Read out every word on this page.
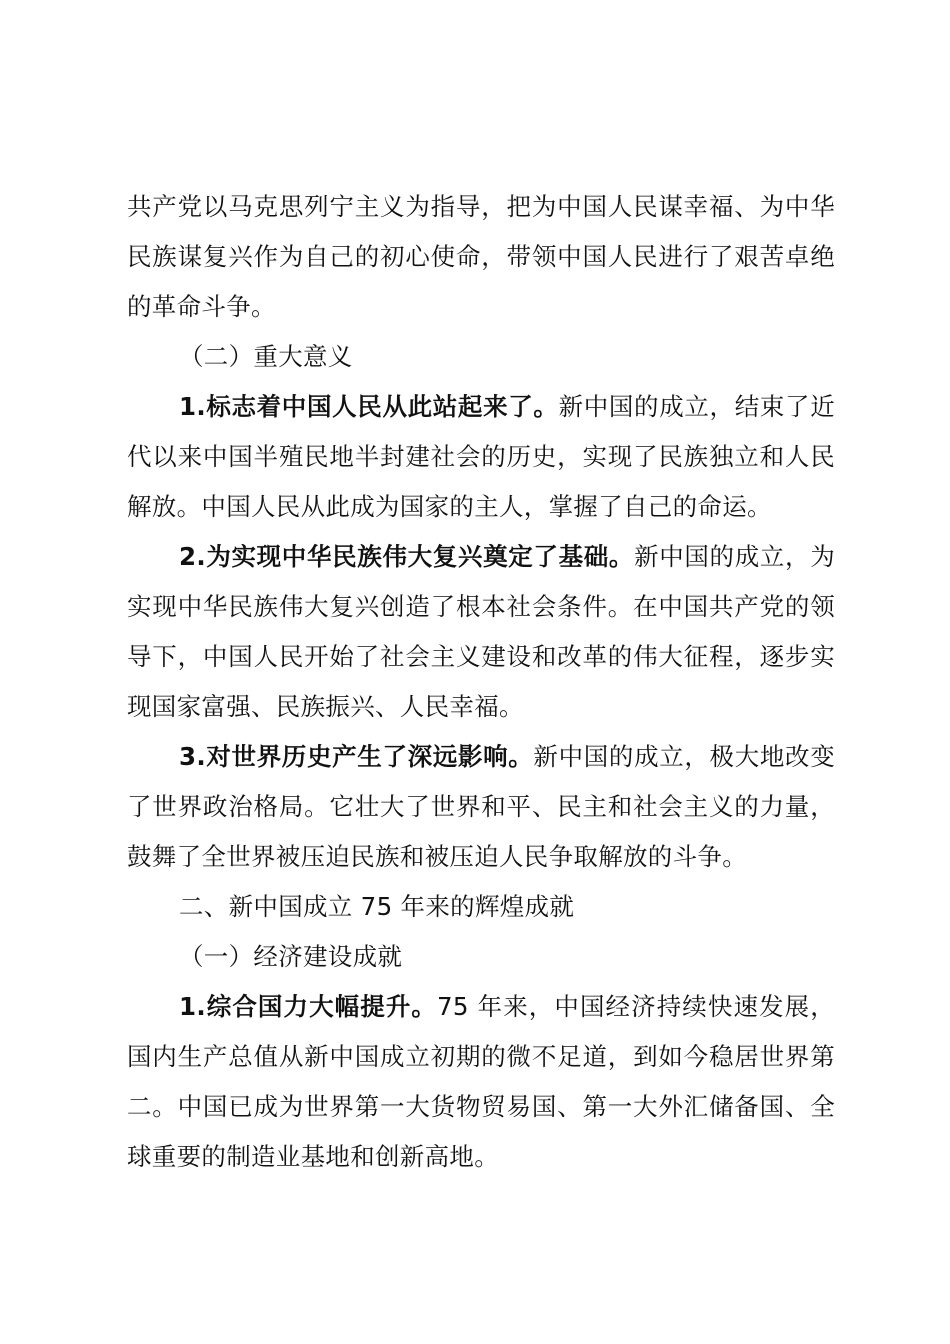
共产党以马克思列宁主义为指导，把为中国人民谋幸福、为中华民族谋复兴作为自己的初心使命，带领中国人民进行了艰苦卓绝的革命斗争。

（二）重大意义

1.标志着中国人民从此站起来了。新中国的成立，结束了近代以来中国半殖民地半封建社会的历史，实现了民族独立和人民解放。中国人民从此成为国家的主人，掌握了自己的命运。

2.为实现中华民族伟大复兴奠定了基础。新中国的成立，为实现中华民族伟大复兴创造了根本社会条件。在中国共产党的领导下，中国人民开始了社会主义建设和改革的伟大征程，逐步实现国家富强、民族振兴、人民幸福。

3.对世界历史产生了深远影响。新中国的成立，极大地改变了世界政治格局。它壮大了世界和平、民主和社会主义的力量，鼓舞了全世界被压迫民族和被压迫人民争取解放的斗争。

二、新中国成立 75 年来的辉煌成就

（一）经济建设成就

1.综合国力大幅提升。75 年来，中国经济持续快速发展，国内生产总值从新中国成立初期的微不足道，到如今稳居世界第二。中国已成为世界第一大货物贸易国、第一大外汇储备国、全球重要的制造业基地和创新高地。
